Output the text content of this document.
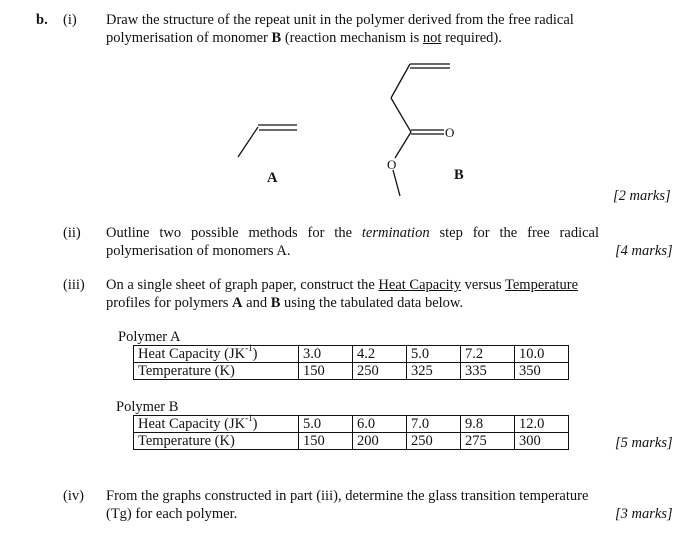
b. (i) Draw the structure of the repeat unit in the polymer derived from the free radical
polymerisation of monomer B (reaction mechanism is not required).
O
O
A	B
[2 marks]
(ii) Outline two possible methods for the termination step for the free radical
polymerisation of monomers A.	[4 marks]
(iii) On a single sheet of graph paper, construct the Heat Capacity versus Temperature
profiles for polymers A and B using the tabulated data below.
Polymer A
Heat Capacity $(JK^{-1})$	3.0	4.2	5.0	7.2	10.0
Temperature (K)	150	250	325	335	350
Polymer B
Heat Capacity $(JK^{-1})$	5.0	6.0	7.0	9.8	12.0
Temperature (K)	150	200	250	275	300	[5 marks]
(iv) From the graphs constructed in part (iii), determine the glass transition temperature
(Tg) for each polymer.	[3 marks]
